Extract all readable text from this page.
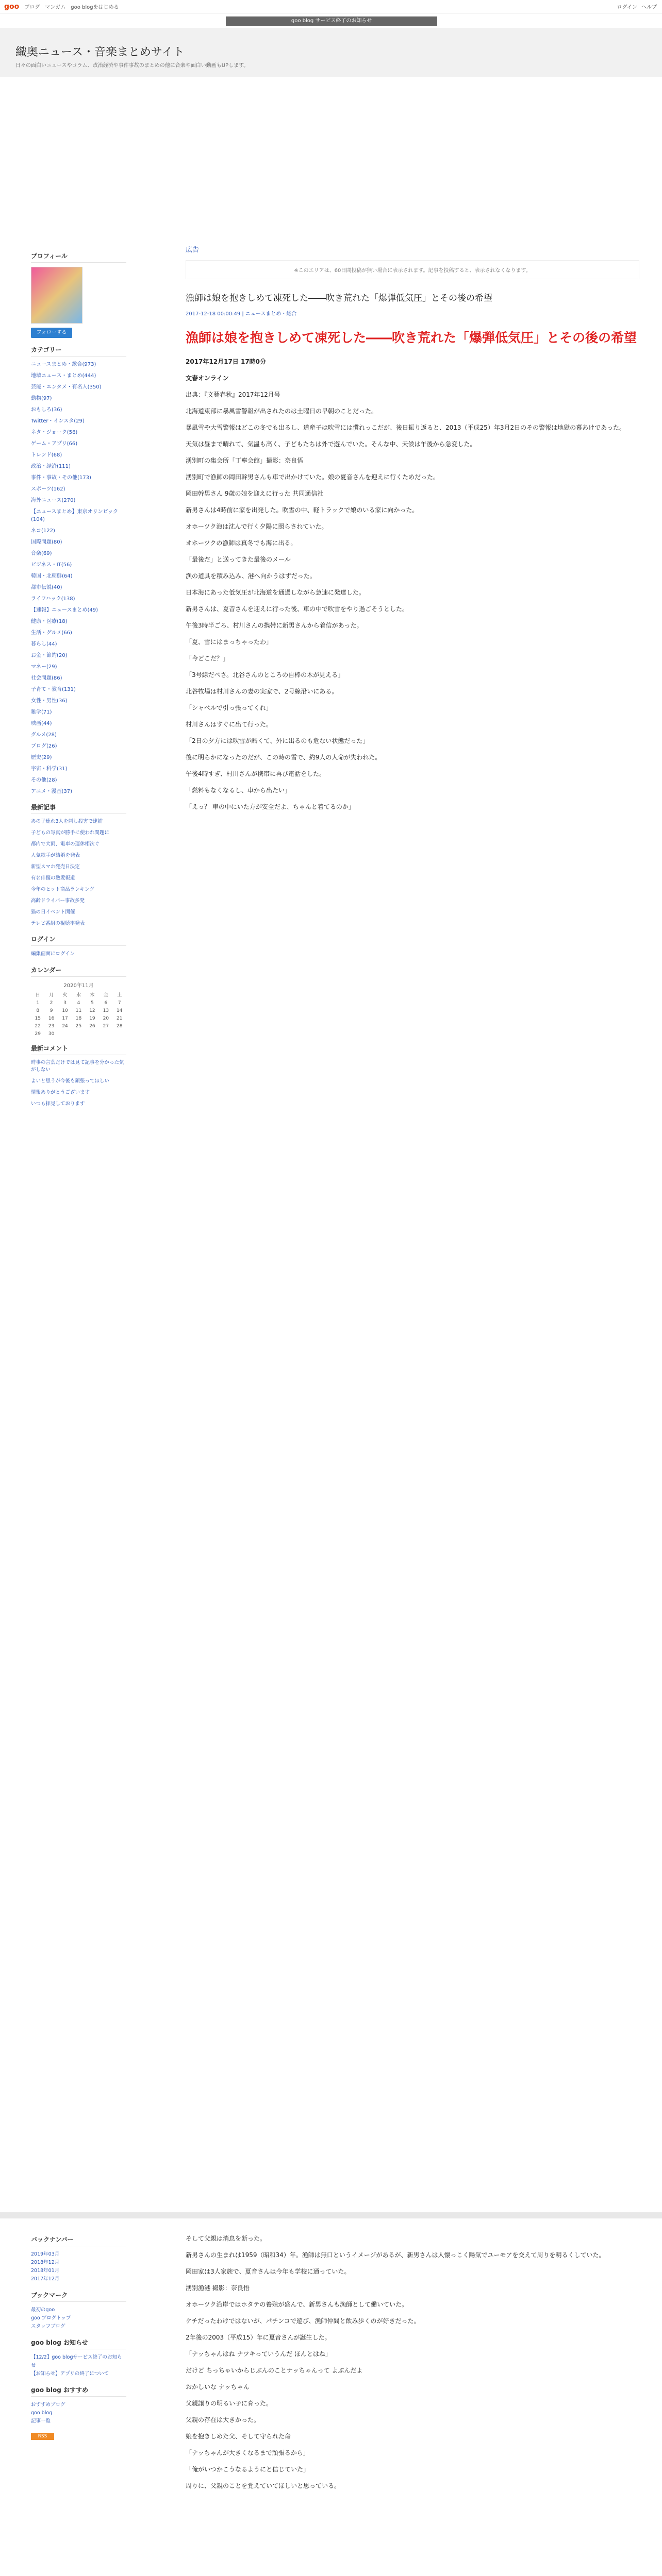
goo ブログ マンガム goo blogをはじめる	ログイン ヘルプ
goo blog サービス終了のお知らせ
織奥ニュース・音楽まとめサイト
日々の面白いニュースやコラム、政治経済や事件事故のまとめの他に音楽や面白い動画もUPします。
プロフィール
フォローする
カテゴリー
ニュースまとめ・総合(973)
地域ニュース・まとめ(444)
芸能・エンタメ・有名人(350)
動物(97)
おもしろ(36)
Twitter・インスタ(29)
ネタ・ジョーク(56)
ゲーム・アプリ(66)
トレンド(68)
政治・経済(111)
事件・事故・その他(173)
スポーツ(162)
海外ニュース(270)
【ニュースまとめ】東京オリンピック(104)
ネコ(122)
国際問題(80)
音楽(69)
ビジネス・IT(56)
韓国・北朝鮮(64)
都市伝説(40)
ライフハック(138)
【速報】ニュースまとめ(49)
健康・医療(18)
生活・グルメ(66)
暮らし(44)
お金・節約(20)
マネー(29)
社会問題(86)
子育て・教育(131)
女性・男性(36)
雑学(71)
映画(44)
グルメ(28)
ブログ(26)
歴史(29)
宇宙・科学(31)
その他(28)
アニメ・漫画(37)
最新記事
あの子連れ3人を刺し殺害で逮捕
子どもの写真が勝手に使われ問題に
都内で大雨、電車の運休相次ぐ
人気歌手が結婚を発表
新型スマホ発売日決定
有名俳優の熱愛報道
今年のヒット商品ランキング
高齢ドライバー事故多発
猫の日イベント開催
テレビ番組の視聴率発表
ログイン
編集画面にログイン
カレンダー
2020年11月
日	月	火	水	木	金	土
1	2	3	4	5	6	7
8	9	10	11	12	13	14
15	16	17	18	19	20	21
22	23	24	25	26	27	28
29	30
最新コメント
時事の言葉だけでは見て記事を分かった気がしない
よいと思うが今後も頑張ってほしい
情報ありがとうございます
いつも拝見しております
広告
※このエリアは、60日間投稿が無い場合に表示されます。記事を投稿すると、表示されなくなります。
漁師は娘を抱きしめて凍死した――吹き荒れた「爆弾低気圧」とその後の希望
2017-12-18 00:00:49 | ニュースまとめ・総合
漁師は娘を抱きしめて凍死した――吹き荒れた「爆弾低気圧」とその後の希望
2017年12月17日 17時0分
文春オンライン
出典：『文藝春秋』2017年12月号
北海道東部に暴風雪警報が出されたのは土曜日の早朝のことだった。
暴風雪や大雪警報はどこの冬でも出るし、道産子は吹雪には慣れっこだが、後日振り返ると、2013（平成25）年3月2日のその警報は地獄の幕あけであった。
天気は昼まで晴れて、気温も高く、子どもたちは外で遊んでいた。そんな中、天候は午後から急変した。
湧別町の集会所「丁寧会館」撮影：奈良悟
湧別町で漁師の岡田幹男さんも車で出かけていた。娘の夏音さんを迎えに行くためだった。
岡田幹男さん 9歳の娘を迎えに行った 共同通信社
新男さんは4時前に家を出発した。吹雪の中、軽トラックで娘のいる家に向かった。
オホーツク海は沈んで行く夕陽に照らされていた。
オホーツクの漁師は真冬でも海に出る。
「最後だ」と送ってきた最後のメール
漁の道具を積み込み、港へ向かうはずだった。
日本海にあった低気圧が北海道を通過しながら急速に発達した。
新男さんは、夏音さんを迎えに行った後、車の中で吹雪をやり過ごそうとした。
午後3時半ごろ、村川さんの携帯に新男さんから着信があった。
「夏、雪にはまっちゃったわ」
「今どこだ？」
「3号線だべさ。北谷さんのところの自棒の木が見える」
北谷牧場は村川さんの妻の実家で、2号線沿いにある。
「シャベルで引っ張ってくれ」
村川さんはすぐに出て行った。
「2日の夕方には吹雪が酷くて、外に出るのも危ない状態だった」
後に明らかになったのだが、この時の雪で、約9人の人命が失われた。
午後4時すぎ、村川さんが携帯に再び電話をした。
「燃料もなくなるし、車から出たい」
「えっ？ 車の中にいた方が安全だよ、ちゃんと着てるのか」
バックナンバー
2019年03月
2018年12月
2018年01月
2017年12月
ブックマーク
最初のgoo
goo ブログトップ
スタッフブログ
goo blog お知らせ
【12/2】goo blogサービス終了のお知らせ
【お知らせ】アプリの終了について
goo blog おすすめ
おすすめブログ
goo blog
記事一覧
RSS
そして父親は消息を断った。
新男さんの生まれは1959（昭和34）年。漁師は無口というイメージがあるが、新男さんは人懐っこく陽気でユーモアを交えて周りを明るくしていた。
岡田家は3人家族で、夏音さんは今年も学校に通っていた。
湧別漁港 撮影：奈良悟
オホーツク沿岸ではホタテの養殖が盛んで、新男さんも漁師として働いていた。
ケチだったわけではないが、パチンコで遊び、漁師仲間と飲み歩くのが好きだった。
2年後の2003（平成15）年に夏音さんが誕生した。
「ナッちゃんはね ナツキっていうんだ ほんとはね」
だけど ちっちゃいからじぶんのことナッちゃんって よぶんだよ
おかしいな ナッちゃん
父親譲りの明るい子に育った。
父親の存在は大きかった。
娘を抱きしめた父、そして守られた命
「ナッちゃんが大きくなるまで頑張るから」
「俺がいつかこうなるようにと信じていた」
周りに、父親のことを覚えていてほしいと思っている。
